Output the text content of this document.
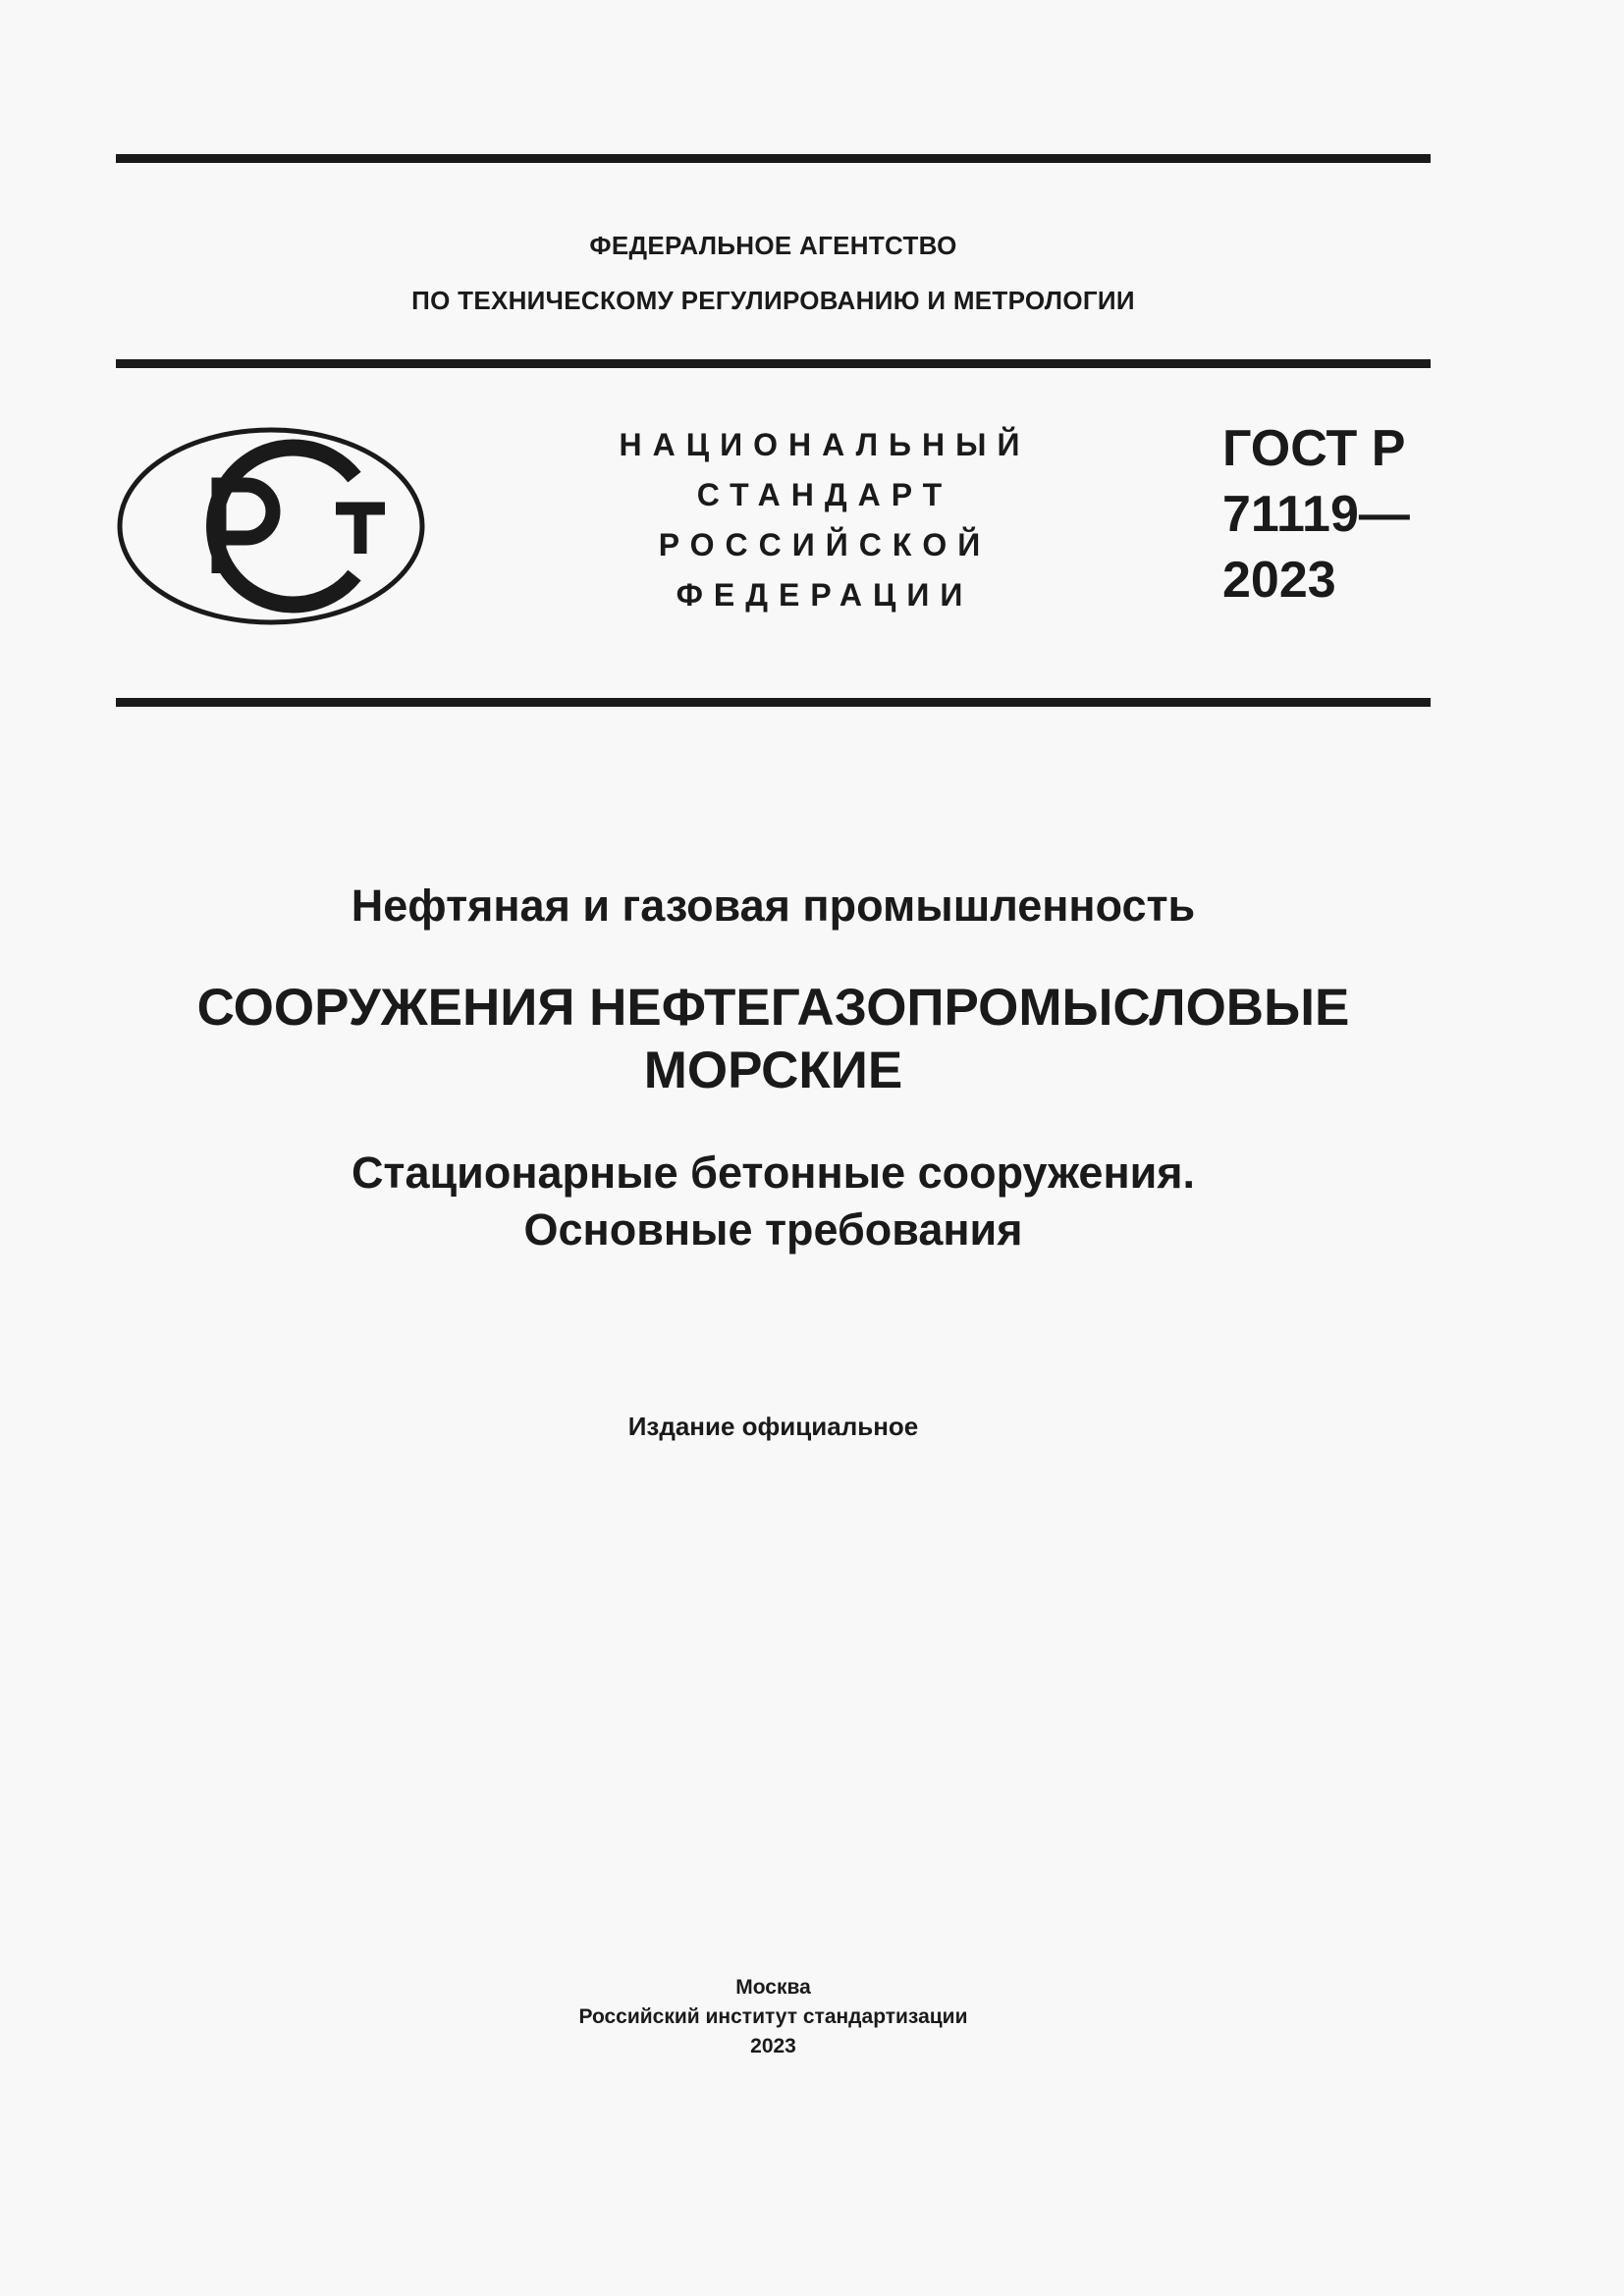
ФЕДЕРАЛЬНОЕ АГЕНТСТВО
ПО ТЕХНИЧЕСКОМУ РЕГУЛИРОВАНИЮ И МЕТРОЛОГИИ
НАЦИОНАЛЬНЫЙ
СТАНДАРТ
РОССИЙСКОЙ
ФЕДЕРАЦИИ
ГОСТ Р
71119—
2023
Нефтяная и газовая промышленность
СООРУЖЕНИЯ НЕФТЕГАЗОПРОМЫСЛОВЫЕ
МОРСКИЕ
Стационарные бетонные сооружения.
Основные требования
Издание официальное
Москва
Российский институт стандартизации
2023
